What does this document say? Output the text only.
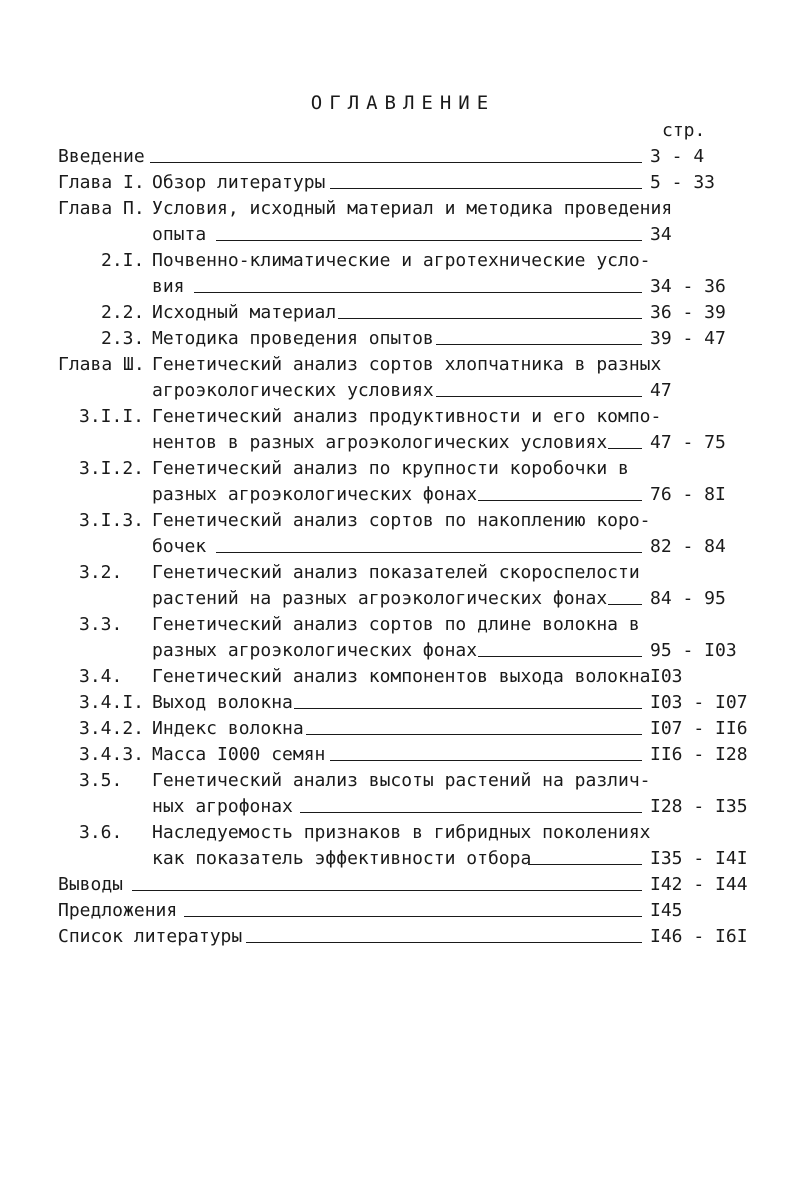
ОГЛАВЛЕНИЕ
стр.
Введение	3 - 4
Глава I. Обзор литературы	5 - 33
Глава П. Условия, исходный материал и методика проведения
опыта	34
2.I. Почвенно-климатические и агротехнические усло-
вия	34 - 36
2.2. Исходный материал	36 - 39
2.3. Методика проведения опытов	39 - 47
Глава Ш. Генетический анализ сортов хлопчатника в разных
агроэкологических условиях	47
3.I.I. Генетический анализ продуктивности и его компо-
нентов в разных агроэкологических условиях 47 - 75
3.I.2. Генетический анализ по крупности коробочки в
разных агроэкологических фонах	76 - 8I
3.I.3. Генетический анализ сортов по накоплению коро-
бочек	82 - 84
3.2. Генетический анализ показателей скороспелости
растений на разных агроэкологических фонах 84 - 95
3.3. Генетический анализ сортов по длине волокна в
разных агроэкологических фонах	95 - I03
3.4. Генетический анализ компонентов выхода волокна I03
3.4.I. Выход волокна	I03 - I07
3.4.2. Индекс волокна	I07 - II6
3.4.3. Масса I000 семян	II6 - I28
3.5. Генетический анализ высоты растений на различ-
ных агрофонах	I28 - I35
3.6. Наследуемость признаков в гибридных поколениях
как показатель эффективности отбора	I35 - I4I
Выводы	I42 - I44
Предложения	I45
Список литературы	I46 - I6I
